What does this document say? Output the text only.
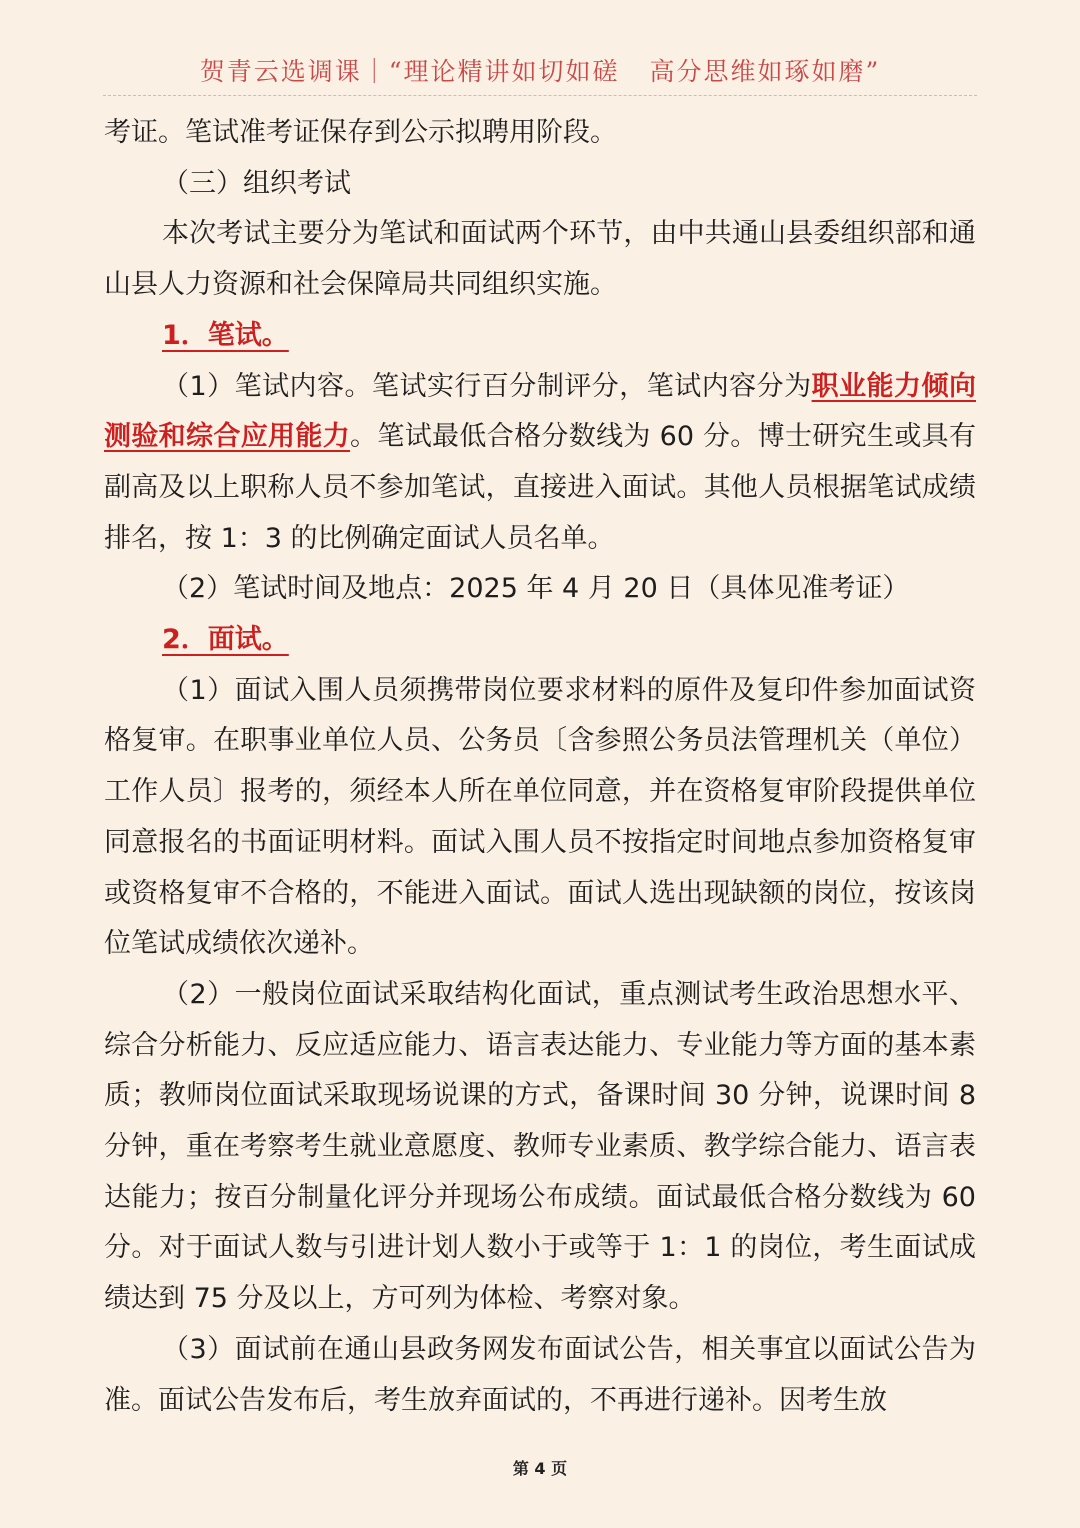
贺青云选调课｜“理论精讲如切如磋 高分思维如琢如磨”

考证。笔试准考证保存到公示拟聘用阶段。

（三）组织考试

本次考试主要分为笔试和面试两个环节，由中共通山县委组织部和通山县人力资源和社会保障局共同组织实施。

1．笔试。

（1）笔试内容。笔试实行百分制评分，笔试内容分为职业能力倾向测验和综合应用能力。笔试最低合格分数线为 60 分。博士研究生或具有副高及以上职称人员不参加笔试，直接进入面试。其他人员根据笔试成绩排名，按 1：3 的比例确定面试人员名单。

（2）笔试时间及地点：2025 年 4 月 20 日（具体见准考证）

2．面试。

（1）面试入围人员须携带岗位要求材料的原件及复印件参加面试资格复审。在职事业单位人员、公务员〔含参照公务员法管理机关（单位）工作人员〕报考的，须经本人所在单位同意，并在资格复审阶段提供单位同意报名的书面证明材料。面试入围人员不按指定时间地点参加资格复审或资格复审不合格的，不能进入面试。面试人选出现缺额的岗位，按该岗位笔试成绩依次递补。

（2）一般岗位面试采取结构化面试，重点测试考生政治思想水平、综合分析能力、反应适应能力、语言表达能力、专业能力等方面的基本素质；教师岗位面试采取现场说课的方式，备课时间 30 分钟，说课时间 8 分钟，重在考察考生就业意愿度、教师专业素质、教学综合能力、语言表达能力；按百分制量化评分并现场公布成绩。面试最低合格分数线为 60 分。对于面试人数与引进计划人数小于或等于 1：1 的岗位，考生面试成绩达到 75 分及以上，方可列为体检、考察对象。

（3）面试前在通山县政务网发布面试公告，相关事宜以面试公告为准。面试公告发布后，考生放弃面试的，不再进行递补。因考生放

第 4 页
